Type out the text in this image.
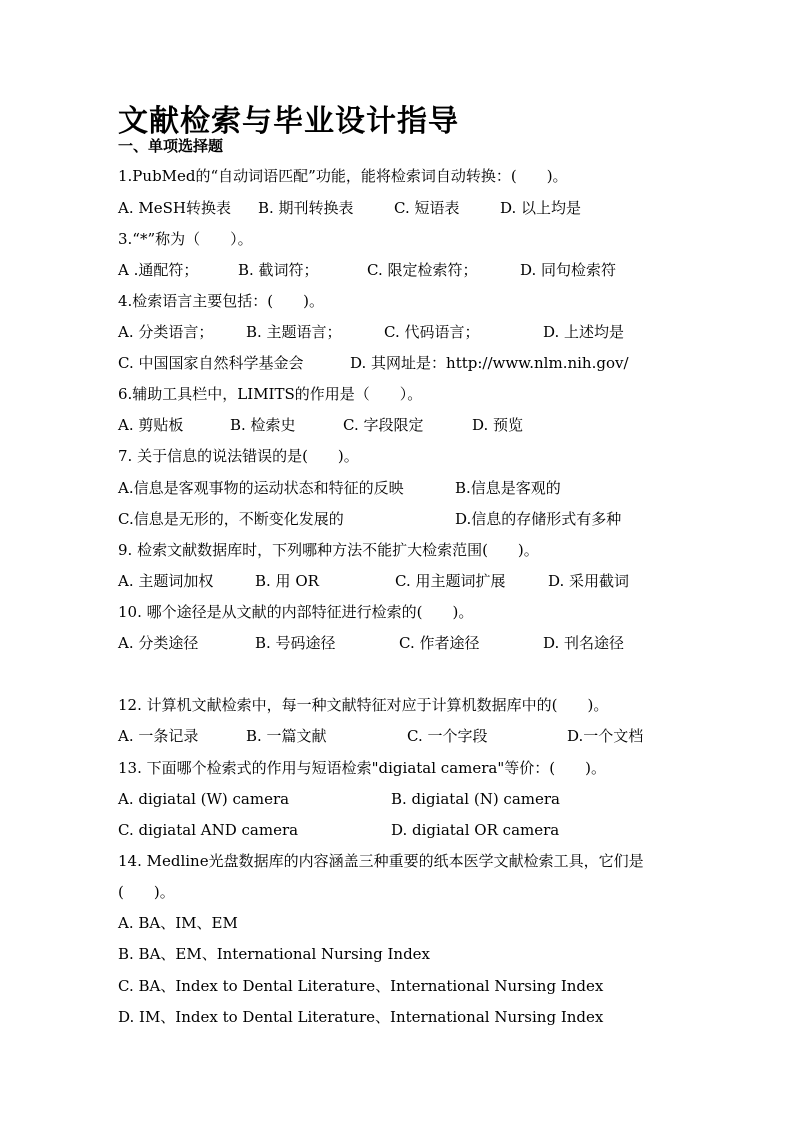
文献检索与毕业设计指导
一、单项选择题
1.PubMed的“自动词语匹配”功能，能将检索词自动转换：(　　)。
A. MeSH转换表 B. 期刊转换表	C. 短语表	D. 以上均是
3.“*”称为（　　）。
A .通配符；	B. 截词符；	C. 限定检索符；	D. 同句检索符
4.检索语言主要包括：(　　)。
A. 分类语言； B. 主题语言；	C. 代码语言；	D. 上述均是
C. 中国国家自然科学基金会	D. 其网址是：http://www.nlm.nih.gov/
6.辅助工具栏中，LIMITS的作用是（　　）。
A. 剪贴板	B. 检索史	C. 字段限定	D. 预览
7. 关于信息的说法错误的是(　　)。
A.信息是客观事物的运动状态和特征的反映	B.信息是客观的
C.信息是无形的，不断变化发展的	D.信息的存储形式有多种
9. 检索文献数据库时，下列哪种方法不能扩大检索范围(　　)。
A. 主题词加权	B. 用 OR	C. 用主题词扩展	D. 采用截词
10. 哪个途径是从文献的内部特征进行检索的(　　)。
A. 分类途径	B. 号码途径	C. 作者途径	D. 刊名途径
12. 计算机文献检索中，每一种文献特征对应于计算机数据库中的(　　)。
A. 一条记录	B. 一篇文献	C. 一个字段	D.一个文档
13. 下面哪个检索式的作用与短语检索"digiatal camera"等价：(　　)。
A. digiatal (W) camera	B. digiatal (N) camera
C. digiatal AND camera	D. digiatal OR camera
14. Medline光盘数据库的内容涵盖三种重要的纸本医学文献检索工具，它们是
(　　)。
A. BA、IM、EM
B. BA、EM、International Nursing Index
C. BA、Index to Dental Literature、International Nursing Index
D. IM、Index to Dental Literature、International Nursing Index
